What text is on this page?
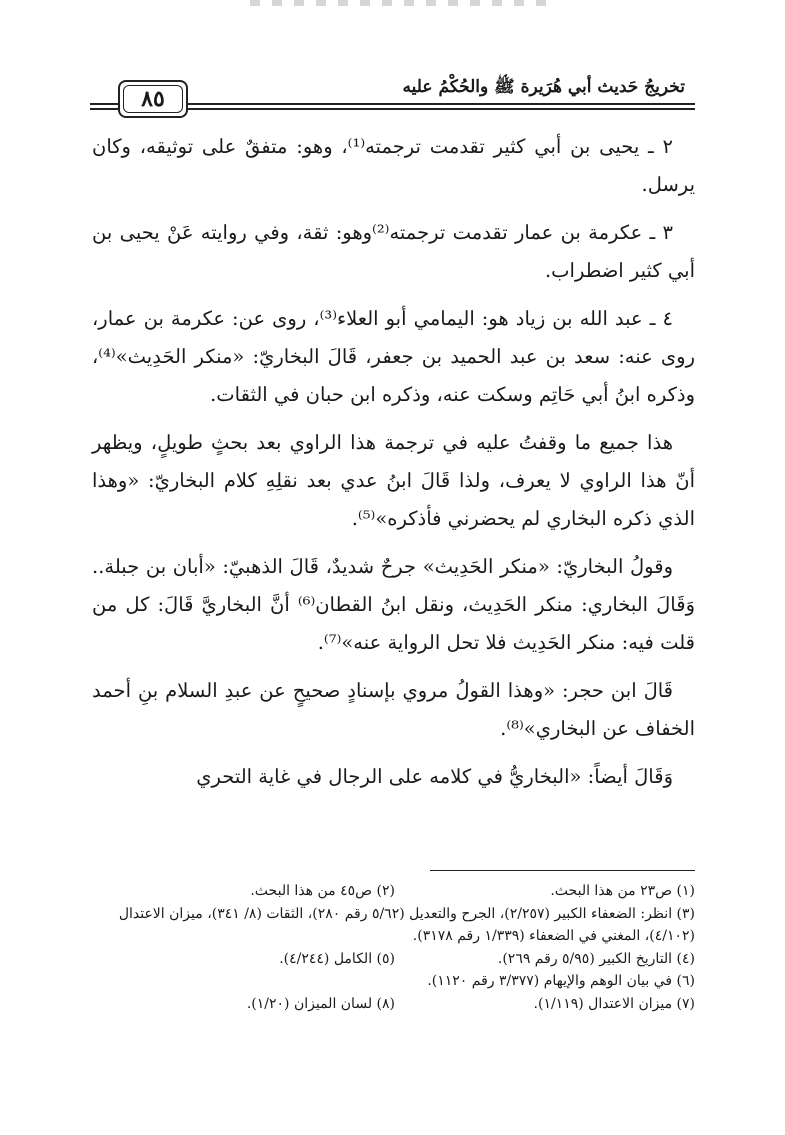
تخريجُ حَديث أبي هُرَيرة ﷺ والحُكْمُ عليه
٨٥

٢ ـ يحيى بن أبي كثير تقدمت ترجمته⁽¹⁾، وهو: متفقٌ على توثيقه، وكان يرسل.

٣ ـ عكرمة بن عمار تقدمت ترجمته⁽²⁾وهو: ثقة، وفي روايته عَنْ يحيى بن أبي كثير اضطراب.

٤ ـ عبد الله بن زياد هو: اليمامي أبو العلاء⁽³⁾، روى عن: عكرمة بن عمار، روى عنه: سعد بن عبد الحميد بن جعفر، قَالَ البخاريّ: «منكر الحَدِيث»⁽⁴⁾، وذكره ابنُ أبي حَاتِم وسكت عنه، وذكره ابن حبان في الثقات.

هذا جميع ما وقفتُ عليه في ترجمة هذا الراوي بعد بحثٍ طويلٍ، ويظهر أنّ هذا الراوي لا يعرف، ولذا قَالَ ابنُ عدي بعد نقلِهِ كلام البخاريّ: «وهذا الذي ذكره البخاري لم يحضرني فأذكره»⁽⁵⁾.

وقولُ البخاريّ: «منكر الحَدِيث» جرحٌ شديدٌ، قَالَ الذهبيّ: «أبان بن جبلة.. وَقَالَ البخاري: منكر الحَدِيث، ونقل ابنُ القطان⁽⁶⁾ أنَّ البخاريَّ قَالَ: كل من قلت فيه: منكر الحَدِيث فلا تحل الرواية عنه»⁽⁷⁾.

قَالَ ابن حجر: «وهذا القولُ مروي بإسنادٍ صحيحٍ عن عبدِ السلام بنِ أحمد الخفاف عن البخاري»⁽⁸⁾.

وَقَالَ أيضاً: «البخاريُّ في كلامه على الرجال في غاية التحري

(١) ص٢٣ من هذا البحث.(٢) ص٤٥ من هذا البحث.
(٣) انظر: الضعفاء الكبير (٢/٢٥٧)، الجرح والتعديل (٥/٦٢ رقم ٢٨٠)، الثقات (٨/ ٣٤١)، ميزان الاعتدال (٤/١٠٢)، المغني في الضعفاء (١/٣٣٩ رقم ٣١٧٨).
(٤) التاريخ الكبير (٥/٩٥ رقم ٢٦٩).(٥) الكامل (٤/٢٤٤).
(٦) في بيان الوهم والإيهام (٣/٣٧٧ رقم ١١٢٠).
(٧) ميزان الاعتدال (١/١١٩).(٨) لسان الميزان (١/٢٠).
